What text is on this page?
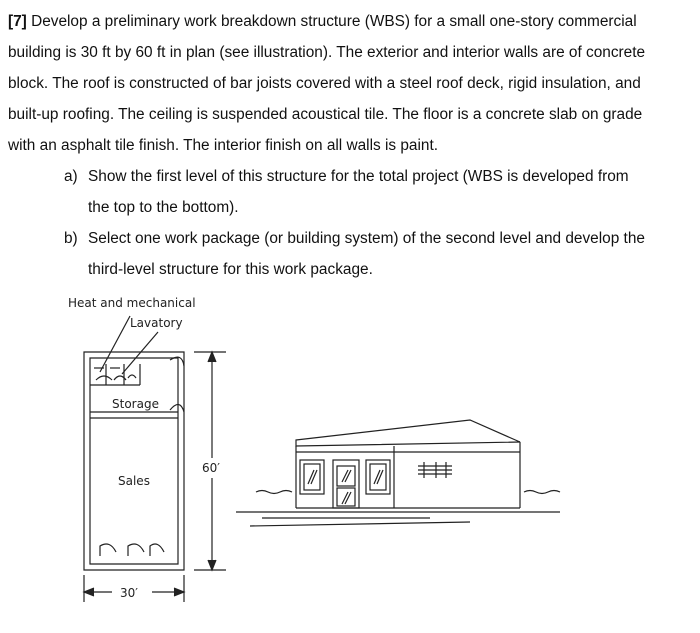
[7] Develop a preliminary work breakdown structure (WBS) for a small one-story commercial
building is 30 ft by 60 ft in plan (see illustration). The exterior and interior walls are of concrete
block. The roof is constructed of bar joists covered with a steel roof deck, rigid insulation, and
built-up roofing. The ceiling is suspended acoustical tile. The floor is a concrete slab on grade
with an asphalt tile finish. The interior finish on all walls is paint.
a) Show the first level of this structure for the total project (WBS is developed from
the top to the bottom).
b) Select one work package (or building system) of the second level and develop the
third-level structure for this work package.
Heat and mechanical
Lavatory
Storage
Sales
60′
30′
